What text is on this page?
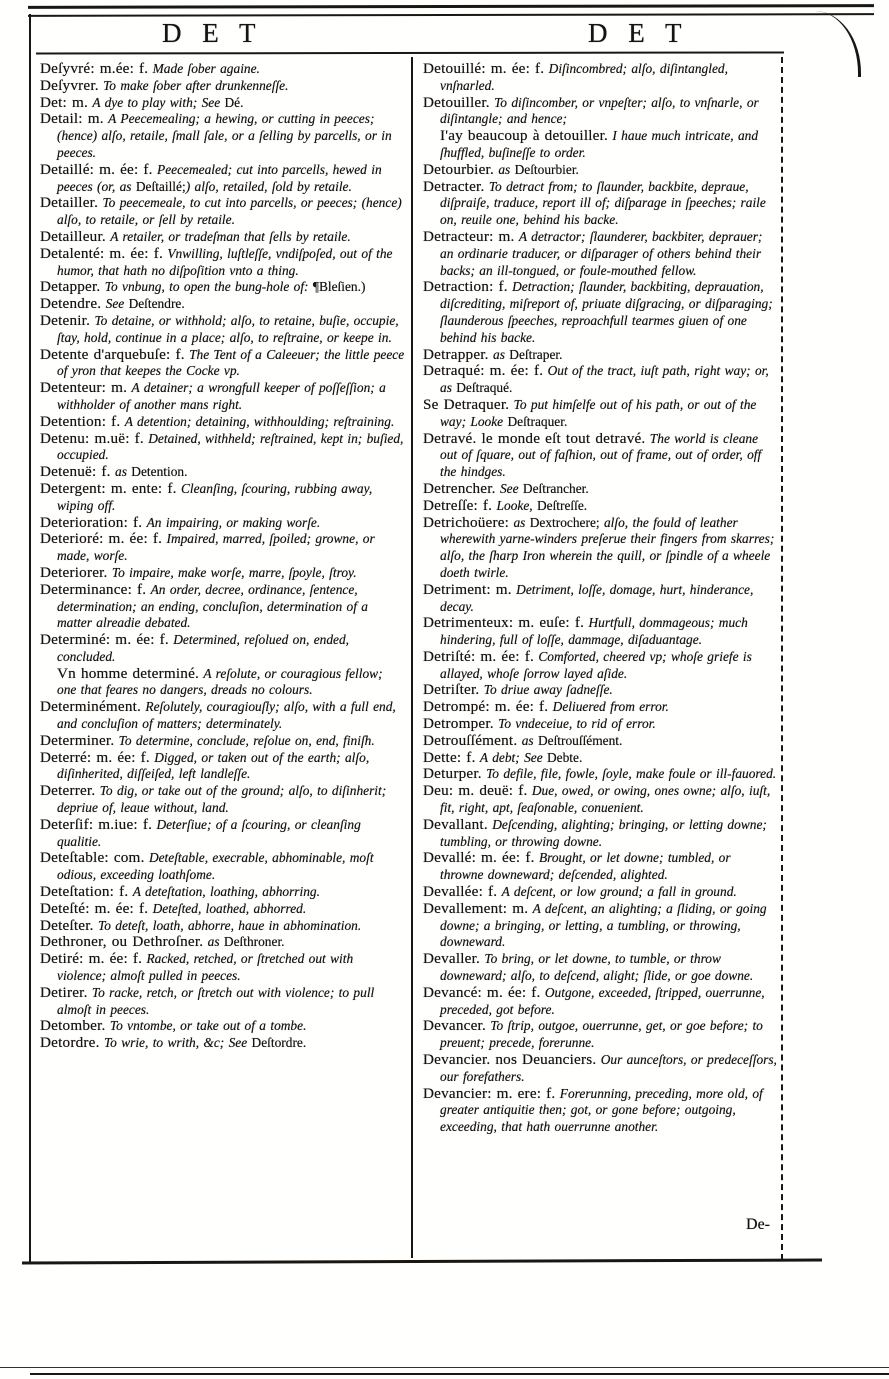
D E T	D E T
Deſyvré: m.ée: f. Made ſober againe.
Deſyvrer. To make ſober after drunkenneſſe.
Det: m. A dye to play with; See Dé.
Detail: m. A Peecemealing; a hewing, or cutting in peeces; (hence) alſo, retaile, ſmall ſale, or a ſelling by parcells, or in peeces.
Detaillé: m. ée: f. Peecemealed; cut into parcells, hewed in peeces (or, as Deſtaillé;) alſo, retailed, ſold by retaile.
Detailler. To peecemeale, to cut into parcells, or peeces; (hence) alſo, to retaile, or ſell by retaile.
Detailleur. A retailer, or tradeſman that ſells by retaile.
Detalenté: m. ée: f. Vnwilling, luſtleſſe, vndiſpoſed, out of the humor, that hath no diſpoſition vnto a thing.
Detapper. To vnbung, to open the bung-hole of: ¶Bleſien.)
Detendre. See Deſtendre.
Detenir. To detaine, or withhold; alſo, to retaine, buſie, occupie, ſtay, hold, continue in a place; alſo, to reſtraine, or keepe in.
Detente d'arquebuſe: f. The Tent of a Caleeuer; the little peece of yron that keepes the Cocke vp.
Detenteur: m. A detainer; a wrongfull keeper of poſſeſſion; a withholder of another mans right.
Detention: f. A detention; detaining, withhoulding; reſtraining.
Detenu: m.uë: f. Detained, withheld; reſtrained, kept in; buſied, occupied.
Detenuë: f. as Detention.
Detergent: m. ente: f. Cleanſing, ſcouring, rubbing away, wiping off.
Deterioration: f. An impairing, or making worſe.
Deterioré: m. ée: f. Impaired, marred, ſpoiled; growne, or made, worſe.
Deteriorer. To impaire, make worſe, marre, ſpoyle, ſtroy.
Determinance: f. An order, decree, ordinance, ſentence, determination; an ending, concluſion, determination of a matter alreadie debated.
Determiné: m. ée: f. Determined, reſolued on, ended, concluded.
Vn homme determiné. A reſolute, or couragious fellow; one that feares no dangers, dreads no colours.
Determinément. Reſolutely, couragiouſly; alſo, with a full end, and concluſion of matters; determinately.
Determiner. To determine, conclude, reſolue on, end, finiſh.
Deterré: m. ée: f. Digged, or taken out of the earth; alſo, diſinherited, diſſeiſed, left landleſſe.
Deterrer. To dig, or take out of the ground; alſo, to diſinherit; depriue of, leaue without, land.
Deterſif: m.iue: f. Deterſiue; of a ſcouring, or cleanſing qualitie.
Deteſtable: com. Deteſtable, execrable, abhominable, moſt odious, exceeding loathſome.
Deteſtation: f. A deteſtation, loathing, abhorring.
Deteſté: m. ée: f. Deteſted, loathed, abhorred.
Deteſter. To deteſt, loath, abhorre, haue in abhomination.
Dethroner, ou Dethroſner. as Deſthroner.
Detiré: m. ée: f. Racked, retched, or ſtretched out with violence; almoſt pulled in peeces.
Detirer. To racke, retch, or ſtretch out with violence; to pull almoſt in peeces.
Detomber. To vntombe, or take out of a tombe.
Detordre. To wrie, to writh, &c; See Deſtordre.
Detouillé: m. ée: f. Diſincombred; alſo, diſintangled, vnſnarled.
Detouiller. To diſincomber, or vnpeſter; alſo, to vnſnarle, or diſintangle; and hence;
I'ay beaucoup à detouiller. I haue much intricate, and ſhuffled, buſineſſe to order.
Detourbier. as Deſtourbier.
Detracter. To detract from; to ſlaunder, backbite, depraue, diſpraiſe, traduce, report ill of; diſparage in ſpeeches; raile on, reuile one, behind his backe.
Detracteur: m. A detractor; ſlaunderer, backbiter, deprauer; an ordinarie traducer, or diſparager of others behind their backs; an ill-tongued, or foule-mouthed fellow.
Detraction: f. Detraction; ſlaunder, backbiting, deprauation, diſcrediting, miſreport of, priuate diſgracing, or diſparaging; ſlaunderous ſpeeches, reproachfull tearmes giuen of one behind his backe.
Detrapper. as Deſtraper.
Detraqué: m. ée: f. Out of the tract, iuſt path, right way; or, as Deſtraqué.
Se Detraquer. To put himſelfe out of his path, or out of the way; Looke Deſtraquer.
Detravé. le monde eſt tout detravé. The world is cleane out of ſquare, out of faſhion, out of frame, out of order, off the hindges.
Detrencher. See Deſtrancher.
Detreſſe: f. Looke, Deſtreſſe.
Detrichoüere: as Dextrochere; alſo, the fould of leather wherewith yarne-winders preſerue their fingers from skarres; alſo, the ſharp Iron wherein the quill, or ſpindle of a wheele doeth twirle.
Detriment: m. Detriment, loſſe, domage, hurt, hinderance, decay.
Detrimenteux: m. euſe: f. Hurtfull, dommageous; much hindering, full of loſſe, dammage, diſaduantage.
Detriſté: m. ée: f. Comforted, cheered vp; whoſe griefe is allayed, whoſe ſorrow layed aſide.
Detriſter. To driue away ſadneſſe.
Detrompé: m. ée: f. Deliuered from error.
Detromper. To vndeceiue, to rid of error.
Detrouſſément. as Deſtrouſſément.
Dette: f. A debt; See Debte.
Deturper. To defile, file, fowle, ſoyle, make foule or ill-fauored.
Deu: m. deuë: f. Due, owed, or owing, ones owne; alſo, iuſt, fit, right, apt, ſeaſonable, conuenient.
Devallant. Deſcending, alighting; bringing, or letting downe; tumbling, or throwing downe.
Devallé: m. ée: f. Brought, or let downe; tumbled, or throwne downeward; deſcended, alighted.
Devallée: f. A deſcent, or low ground; a fall in ground.
Devallement: m. A deſcent, an alighting; a ſliding, or going downe; a bringing, or letting, a tumbling, or throwing, downeward.
Devaller. To bring, or let downe, to tumble, or throw downeward; alſo, to deſcend, alight; ſlide, or goe downe.
Devancé: m. ée: f. Outgone, exceeded, ſtripped, ouerrunne, preceded, got before.
Devancer. To ſtrip, outgoe, ouerrunne, get, or goe before; to preuent; precede, forerunne.
Devancier. nos Deuanciers. Our aunceſtors, or predeceſſors, our forefathers.
Devancier: m. ere: f. Forerunning, preceding, more old, of greater antiquitie then; got, or gone before; outgoing, exceeding, that hath ouerrunne another.
De-
